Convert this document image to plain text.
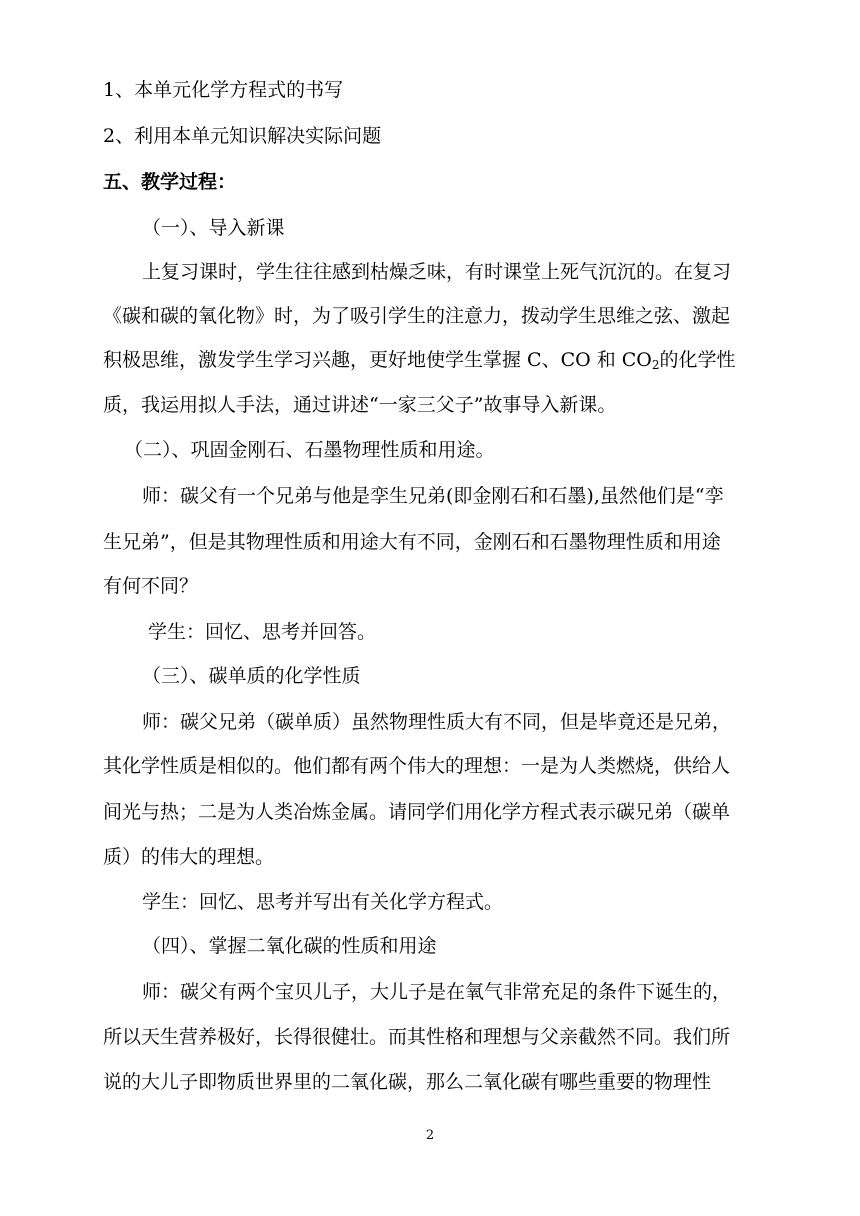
1、本单元化学方程式的书写
2、利用本单元知识解决实际问题
五、教学过程：
（一）、导入新课
上复习课时，学生往往感到枯燥乏味，有时课堂上死气沉沉的。在复习
《碳和碳的氧化物》时，为了吸引学生的注意力，拨动学生思维之弦、激起
积极思维，激发学生学习兴趣，更好地使学生掌握 C、CO 和 $CO_2$的化学性
质，我运用拟人手法，通过讲述“一家三父子”故事导入新课。
（二）、巩固金刚石、石墨物理性质和用途。
师：碳父有一个兄弟与他是孪生兄弟(即金刚石和石墨),虽然他们是“孪
生兄弟”，但是其物理性质和用途大有不同，金刚石和石墨物理性质和用途
有何不同？
学生：回忆、思考并回答。
（三）、碳单质的化学性质
师：碳父兄弟（碳单质）虽然物理性质大有不同，但是毕竟还是兄弟，
其化学性质是相似的。他们都有两个伟大的理想：一是为人类燃烧，供给人
间光与热；二是为人类冶炼金属。请同学们用化学方程式表示碳兄弟（碳单
质）的伟大的理想。
学生：回忆、思考并写出有关化学方程式。
（四）、掌握二氧化碳的性质和用途
师：碳父有两个宝贝儿子，大儿子是在氧气非常充足的条件下诞生的，
所以天生营养极好，长得很健壮。而其性格和理想与父亲截然不同。我们所
说的大儿子即物质世界里的二氧化碳，那么二氧化碳有哪些重要的物理性
2
